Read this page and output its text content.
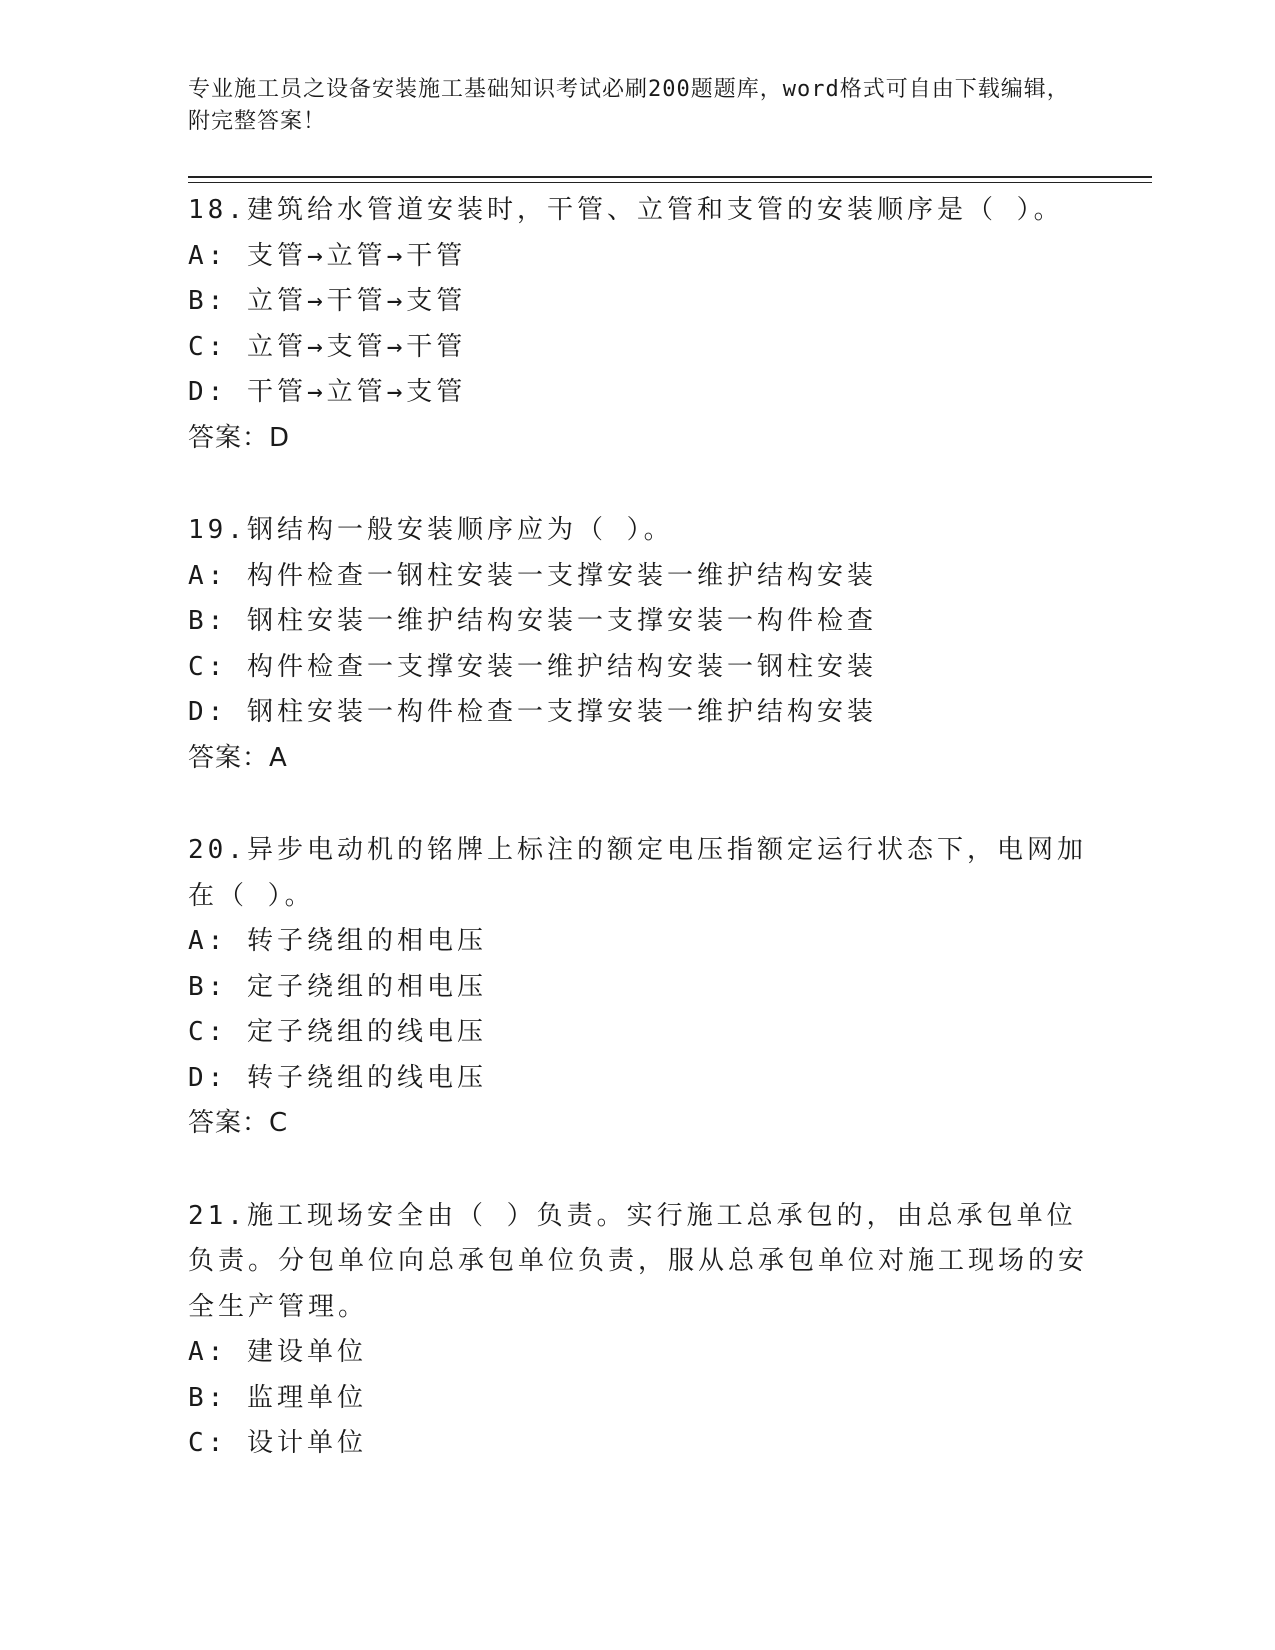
专业施工员之设备安装施工基础知识考试必刷200题题库，word格式可自由下载编辑，附完整答案！
18.建筑给水管道安装时，干管、立管和支管的安装顺序是（ ）。
A: 支管→立管→干管
B: 立管→干管→支管
C: 立管→支管→干管
D: 干管→立管→支管
答案：D
19.钢结构一般安装顺序应为（ ）。
A: 构件检查一钢柱安装一支撑安装一维护结构安装
B: 钢柱安装一维护结构安装一支撑安装一构件检查
C: 构件检查一支撑安装一维护结构安装一钢柱安装
D: 钢柱安装一构件检查一支撑安装一维护结构安装
答案：A
20.异步电动机的铭牌上标注的额定电压指额定运行状态下，电网加在（ ）。
A: 转子绕组的相电压
B: 定子绕组的相电压
C: 定子绕组的线电压
D: 转子绕组的线电压
答案：C
21.施工现场安全由（ ）负责。实行施工总承包的，由总承包单位负责。分包单位向总承包单位负责，服从总承包单位对施工现场的安全生产管理。
A: 建设单位
B: 监理单位
C: 设计单位
